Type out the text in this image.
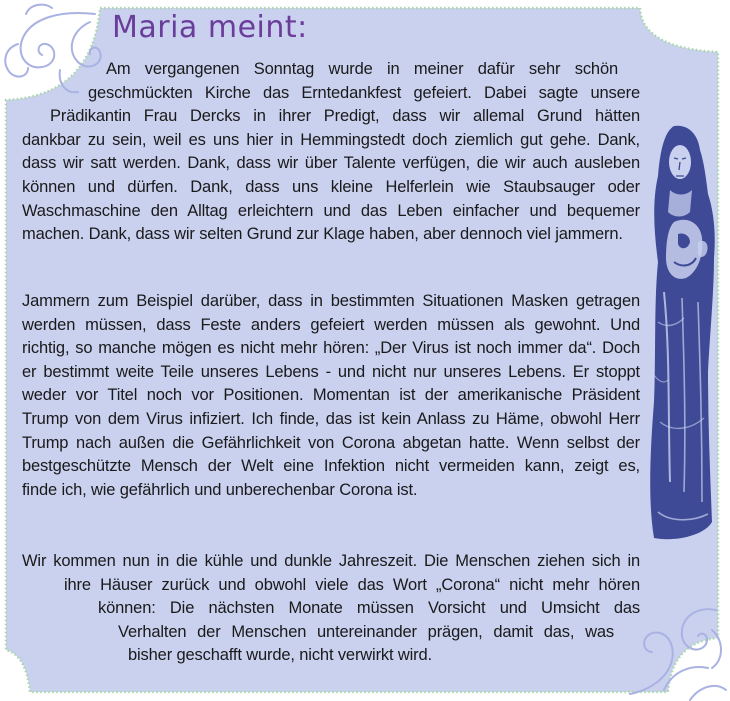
Maria meint:

Am vergangenen Sonntag wurde in meiner dafür sehr schön
geschmückten Kirche das Erntedankfest gefeiert. Dabei sagte unsere
Prädikantin Frau Dercks in ihrer Predigt, dass wir allemal Grund hätten
dankbar zu sein, weil es uns hier in Hemmingstedt doch ziemlich gut gehe. Dank,
dass wir satt werden. Dank, dass wir über Talente verfügen, die wir auch ausleben
können und dürfen. Dank, dass uns kleine Helferlein wie Staubsauger oder
Waschmaschine den Alltag erleichtern und das Leben einfacher und bequemer
machen. Dank, dass wir selten Grund zur Klage haben, aber dennoch viel jammern.

Jammern zum Beispiel darüber, dass in bestimmten Situationen Masken getragen
werden müssen, dass Feste anders gefeiert werden müssen als gewohnt. Und
richtig, so manche mögen es nicht mehr hören: „Der Virus ist noch immer da“. Doch
er bestimmt weite Teile unseres Lebens - und nicht nur unseres Lebens. Er stoppt
weder vor Titel noch vor Positionen. Momentan ist der amerikanische Präsident
Trump von dem Virus infiziert. Ich finde, das ist kein Anlass zu Häme, obwohl Herr
Trump nach außen die Gefährlichkeit von Corona abgetan hatte. Wenn selbst der
bestgeschützte Mensch der Welt eine Infektion nicht vermeiden kann, zeigt es,
finde ich, wie gefährlich und unberechenbar Corona ist.

Wir kommen nun in die kühle und dunkle Jahreszeit. Die Menschen ziehen sich in
ihre Häuser zurück und obwohl viele das Wort „Corona“ nicht mehr hören
können: Die nächsten Monate müssen Vorsicht und Umsicht das
Verhalten der Menschen untereinander prägen, damit das, was
bisher geschafft wurde, nicht verwirkt wird.
